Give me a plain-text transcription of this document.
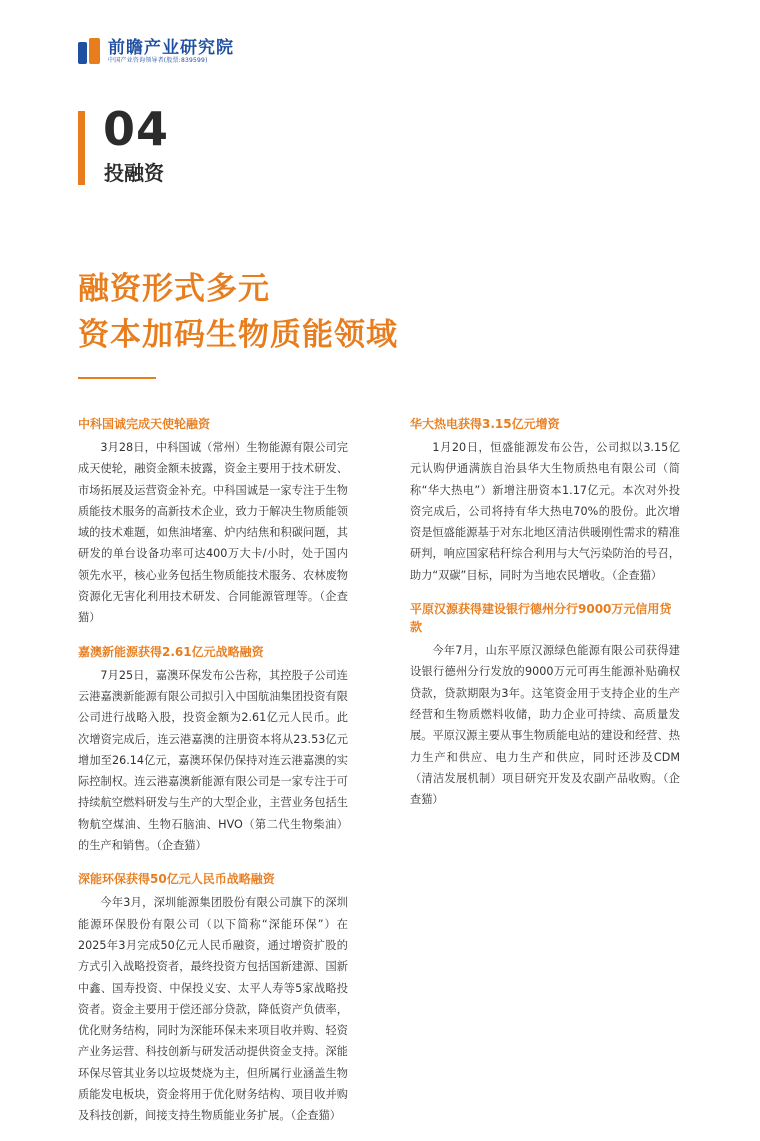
前瞻产业研究院
中国产业咨询领导者(股票:839599)
04
投融资
融资形式多元
资本加码生物质能领域
中科国诚完成天使轮融资

3月28日，中科国诚（常州）生物能源有限公司完成天使轮，融资金额未披露，资金主要用于技术研发、市场拓展及运营资金补充。中科国诚是一家专注于生物质能技术服务的高新技术企业，致力于解决生物质能领域的技术难题，如焦油堵塞、炉内结焦和积碳问题，其研发的单台设备功率可达400万大卡/小时，处于国内领先水平，核心业务包括生物质能技术服务、农林废物资源化无害化利用技术研发、合同能源管理等。（企查猫）

嘉澳新能源获得2.61亿元战略融资

7月25日，嘉澳环保发布公告称，其控股子公司连云港嘉澳新能源有限公司拟引入中国航油集团投资有限公司进行战略入股，投资金额为2.61亿元人民币。此次增资完成后，连云港嘉澳的注册资本将从23.53亿元增加至26.14亿元，嘉澳环保仍保持对连云港嘉澳的实际控制权。连云港嘉澳新能源有限公司是一家专注于可持续航空燃料研发与生产的大型企业，主营业务包括生物航空煤油、生物石脑油、HVO（第二代生物柴油）的生产和销售。（企查猫）

深能环保获得50亿元人民币战略融资

今年3月，深圳能源集团股份有限公司旗下的深圳能源环保股份有限公司（以下简称“深能环保”）在2025年3月完成50亿元人民币融资，通过增资扩股的方式引入战略投资者，最终投资方包括国新建源、国新中鑫、国寿投资、中保投义安、太平人寿等5家战略投资者。资金主要用于偿还部分贷款，降低资产负债率，优化财务结构，同时为深能环保未来项目收并购、轻资产业务运营、科技创新与研发活动提供资金支持。深能环保尽管其业务以垃圾焚烧为主，但所属行业涵盖生物质能发电板块，资金将用于优化财务结构、项目收并购及科技创新，间接支持生物质能业务扩展。（企查猫）

华大热电获得3.15亿元增资

1月20日，恒盛能源发布公告，公司拟以3.15亿元认购伊通满族自治县华大生物质热电有限公司（简称“华大热电”）新增注册资本1.17亿元。本次对外投资完成后，公司将持有华大热电70%的股份。此次增资是恒盛能源基于对东北地区清洁供暖刚性需求的精准研判，响应国家秸秆综合利用与大气污染防治的号召，助力“双碳”目标，同时为当地农民增收。（企查猫）

平原汉源获得建设银行德州分行9000万元信用贷款

今年7月，山东平原汉源绿色能源有限公司获得建设银行德州分行发放的9000万元可再生能源补贴确权贷款，贷款期限为3年。这笔资金用于支持企业的生产经营和生物质燃料收储，助力企业可持续、高质量发展。平原汉源主要从事生物质能电站的建设和经营、热力生产和供应、电力生产和供应，同时还涉及CDM（清洁发展机制）项目研究开发及农副产品收购。（企查猫）
